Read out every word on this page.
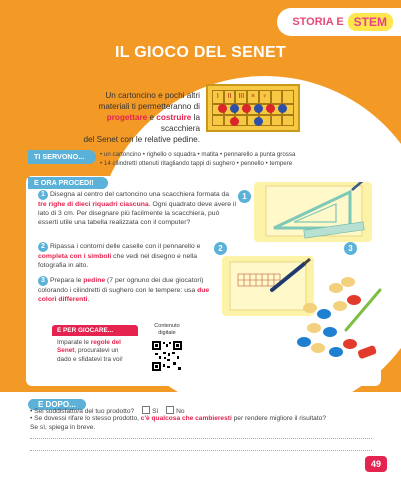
STORIA E STEM
IL GIOCO DEL SENET
Un cartoncino e pochi altri
materiali ti permetteranno di
progettare e costruire la scacchiera
del Senet con le relative pedine.
I	II III ×	♀
TI SERVONO...	• un cartoncino • righello o squadra • matita • pennarello a punta grossa
• 14 cilindretti ottenuti ritagliando tappi di sughero • pennello • tempere
E ORA PROCEDI!
1 Disegna al centro del cartoncino una scacchiera formata da tre righe di dieci riquadri ciascuna. Ogni quadrato deve avere il lato di 3 cm. Per disegnare più facilmente la scacchiera, può esserti utile una tabella realizzata con il computer?
2 Ripassa i contorni delle caselle con il pennarello e completa con i simboli che vedi nel disegno e nella fotografia in alto.
3 Prepara le pedine (7 per ognuno dei due giocatori) colorando i cilindretti di sughero con le tempere: usa due colori differenti.
1
2	3
E PER GIOCARE...
Imparate le regole del Senet, procuratevi un dado e sfidatevi tra voi!
Contenuto
digitale
E DOPO...
• Sei soddisfatto/a del tuo prodotto?	Sì	No
• Se dovessi rifare lo stesso prodotto, c'è qualcosa che cambieresti per rendere migliore il risultato?
Se sì, spiega in breve.
49
